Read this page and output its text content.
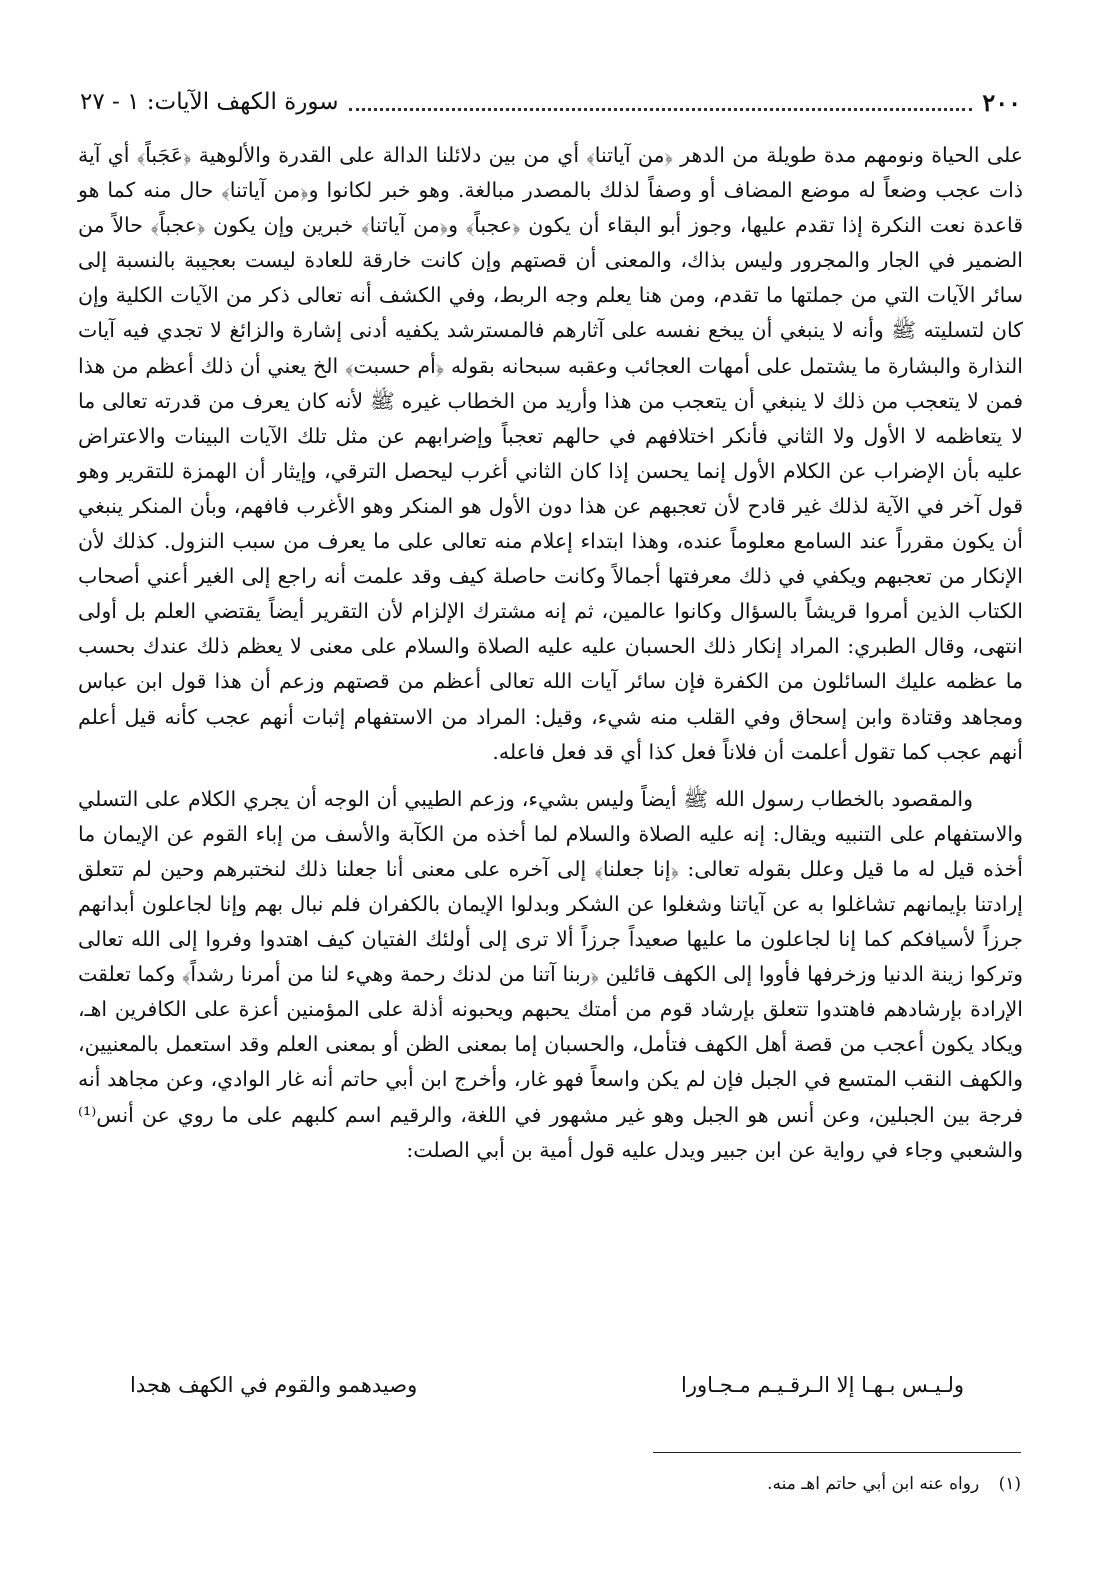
٢٠٠
سورة الكهف الآيات: ١ - ٢٧

على الحياة ونومهم مدة طويلة من الدهر ﴿من آياتنا﴾ أي من بين دلائلنا الدالة على القدرة والألوهية ﴿عَجَباً﴾ أي آية ذات عجب وضعاً له موضع المضاف أو وصفاً لذلك بالمصدر مبالغة. وهو خبر لكانوا و﴿من آياتنا﴾ حال منه كما هو قاعدة نعت النكرة إذا تقدم عليها، وجوز أبو البقاء أن يكون ﴿عجباً﴾ و﴿من آياتنا﴾ خبرين وإن يكون ﴿عجباً﴾ حالاً من الضمير في الجار والمجرور وليس بذاك، والمعنى أن قصتهم وإن كانت خارقة للعادة ليست بعجيبة بالنسبة إلى سائر الآيات التي من جملتها ما تقدم، ومن هنا يعلم وجه الربط، وفي الكشف أنه تعالى ذكر من الآيات الكلية وإن كان لتسليته ﷺ وأنه لا ينبغي أن يبخع نفسه على آثارهم فالمسترشد يكفيه أدنى إشارة والزائغ لا تجدي فيه آيات النذارة والبشارة ما يشتمل على أمهات العجائب وعقبه سبحانه بقوله ﴿أم حسبت﴾ الخ يعني أن ذلك أعظم من هذا فمن لا يتعجب من ذلك لا ينبغي أن يتعجب من هذا وأريد من الخطاب غيره ﷺ لأنه كان يعرف من قدرته تعالى ما لا يتعاظمه لا الأول ولا الثاني فأنكر اختلافهم في حالهم تعجباً وإضرابهم عن مثل تلك الآيات البينات والاعتراض عليه بأن الإضراب عن الكلام الأول إنما يحسن إذا كان الثاني أغرب ليحصل الترقي، وإيثار أن الهمزة للتقرير وهو قول آخر في الآية لذلك غير قادح لأن تعجبهم عن هذا دون الأول هو المنكر وهو الأغرب فافهم، وبأن المنكر ينبغي أن يكون مقرراً عند السامع معلوماً عنده، وهذا ابتداء إعلام منه تعالى على ما يعرف من سبب النزول. كذلك لأن الإنكار من تعجبهم ويكفي في ذلك معرفتها أجمالاً وكانت حاصلة كيف وقد علمت أنه راجع إلى الغير أعني أصحاب الكتاب الذين أمروا قريشاً بالسؤال وكانوا عالمين، ثم إنه مشترك الإلزام لأن التقرير أيضاً يقتضي العلم بل أولى انتهى، وقال الطبري: المراد إنكار ذلك الحسبان عليه عليه الصلاة والسلام على معنى لا يعظم ذلك عندك بحسب ما عظمه عليك السائلون من الكفرة فإن سائر آيات الله تعالى أعظم من قصتهم وزعم أن هذا قول ابن عباس ومجاهد وقتادة وابن إسحاق وفي القلب منه شيء، وقيل: المراد من الاستفهام إثبات أنهم عجب كأنه قيل أعلم أنهم عجب كما تقول أعلمت أن فلاناً فعل كذا أي قد فعل فاعله.

والمقصود بالخطاب رسول الله ﷺ أيضاً وليس بشيء، وزعم الطيبي أن الوجه أن يجري الكلام على التسلي والاستفهام على التنبيه ويقال: إنه عليه الصلاة والسلام لما أخذه من الكآبة والأسف من إباء القوم عن الإيمان ما أخذه قيل له ما قيل وعلل بقوله تعالى: ﴿إنا جعلنا﴾ إلى آخره على معنى أنا جعلنا ذلك لنختبرهم وحين لم تتعلق إرادتنا بإيمانهم تشاغلوا به عن آياتنا وشغلوا عن الشكر وبدلوا الإيمان بالكفران فلم نبال بهم وإنا لجاعلون أبدانهم جرزاً لأسيافكم كما إنا لجاعلون ما عليها صعيداً جرزاً ألا ترى إلى أولئك الفتيان كيف اهتدوا وفروا إلى الله تعالى وتركوا زينة الدنيا وزخرفها فأووا إلى الكهف قائلين ﴿ربنا آتنا من لدنك رحمة وهيء لنا من أمرنا رشداً﴾ وكما تعلقت الإرادة بإرشادهم فاهتدوا تتعلق بإرشاد قوم من أمتك يحبهم ويحبونه أذلة على المؤمنين أعزة على الكافرين اهـ، ويكاد يكون أعجب من قصة أهل الكهف فتأمل، والحسبان إما بمعنى الظن أو بمعنى العلم وقد استعمل بالمعنيين، والكهف النقب المتسع في الجبل فإن لم يكن واسعاً فهو غار، وأخرج ابن أبي حاتم أنه غار الوادي، وعن مجاهد أنه فرجة بين الجبلين، وعن أنس هو الجبل وهو غير مشهور في اللغة، والرقيم اسم كلبهم على ما روي عن أنس⁽¹⁾ والشعبي وجاء في رواية عن ابن جبير ويدل عليه قول أمية بن أبي الصلت:

ولـيـس بـهـا إلا الـرقـيـم مـجـاورا
وصيدهمو والقوم في الكهف هجدا
(١) رواه عنه ابن أبي حاتم اهـ منه.
